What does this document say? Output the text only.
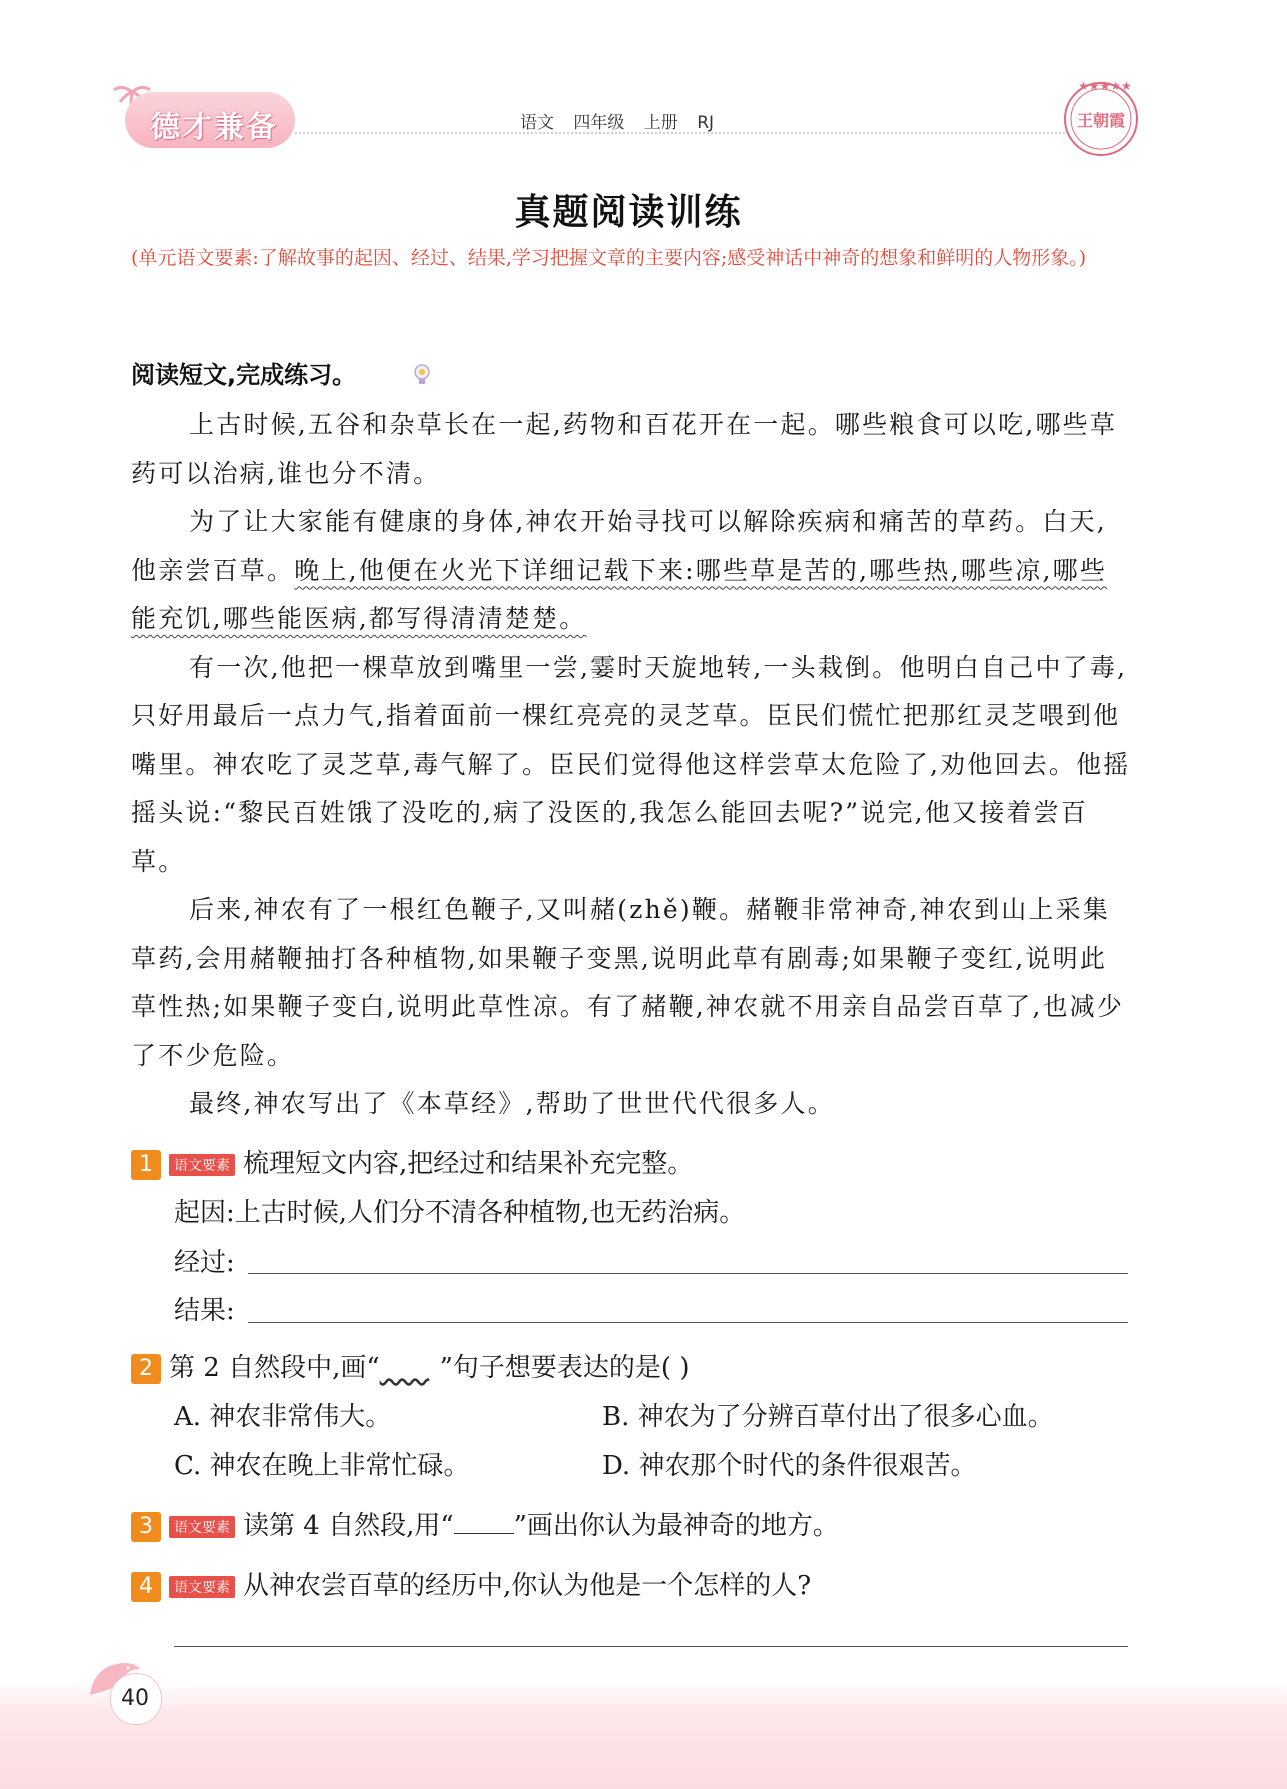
德才兼备	语文 四年级 上册 RJ
★★★★★
王朝霞
真题阅读训练
(单元语文要素:了解故事的起因、经过、结果,学习把握文章的主要内容;感受神话中神奇的想象和鲜明的人物形象。)
阅读短文,完成练习。

上古时候,五谷和杂草长在一起,药物和百花开在一起。哪些粮食可以吃,哪些草药可以治病,谁也分不清。

为了让大家能有健康的身体,神农开始寻找可以解除疾病和痛苦的草药。白天,他亲尝百草。晚上,他便在火光下详细记载下来:哪些草是苦的,哪些热,哪些凉,哪些能充饥,哪些能医病,都写得清清楚楚。

有一次,他把一棵草放到嘴里一尝,霎时天旋地转,一头栽倒。他明白自己中了毒,只好用最后一点力气,指着面前一棵红亮亮的灵芝草。臣民们慌忙把那红灵芝喂到他嘴里。神农吃了灵芝草,毒气解了。臣民们觉得他这样尝草太危险了,劝他回去。他摇摇头说:“黎民百姓饿了没吃的,病了没医的,我怎么能回去呢?”说完,他又接着尝百草。

后来,神农有了一根红色鞭子,又叫赭(zhě)鞭。赭鞭非常神奇,神农到山上采集草药,会用赭鞭抽打各种植物,如果鞭子变黑,说明此草有剧毒;如果鞭子变红,说明此草性热;如果鞭子变白,说明此草性凉。有了赭鞭,神农就不用亲自品尝百草了,也减少了不少危险。

最终,神农写出了《本草经》,帮助了世世代代很多人。

1 语文要素 梳理短文内容,把经过和结果补充完整。
起因:上古时候,人们分不清各种植物,也无药治病。
经过:
结果:
2 第 2 自然段中,画“ ”句子想要表达的是( )
A. 神农非常伟大。	B. 神农为了分辨百草付出了很多心血。
C. 神农在晚上非常忙碌。	D. 神农那个时代的条件很艰苦。
3 语文要素 读第 4 自然段,用“ ”画出你认为最神奇的地方。
4 语文要素 从神农尝百草的经历中,你认为他是一个怎样的人?
40
